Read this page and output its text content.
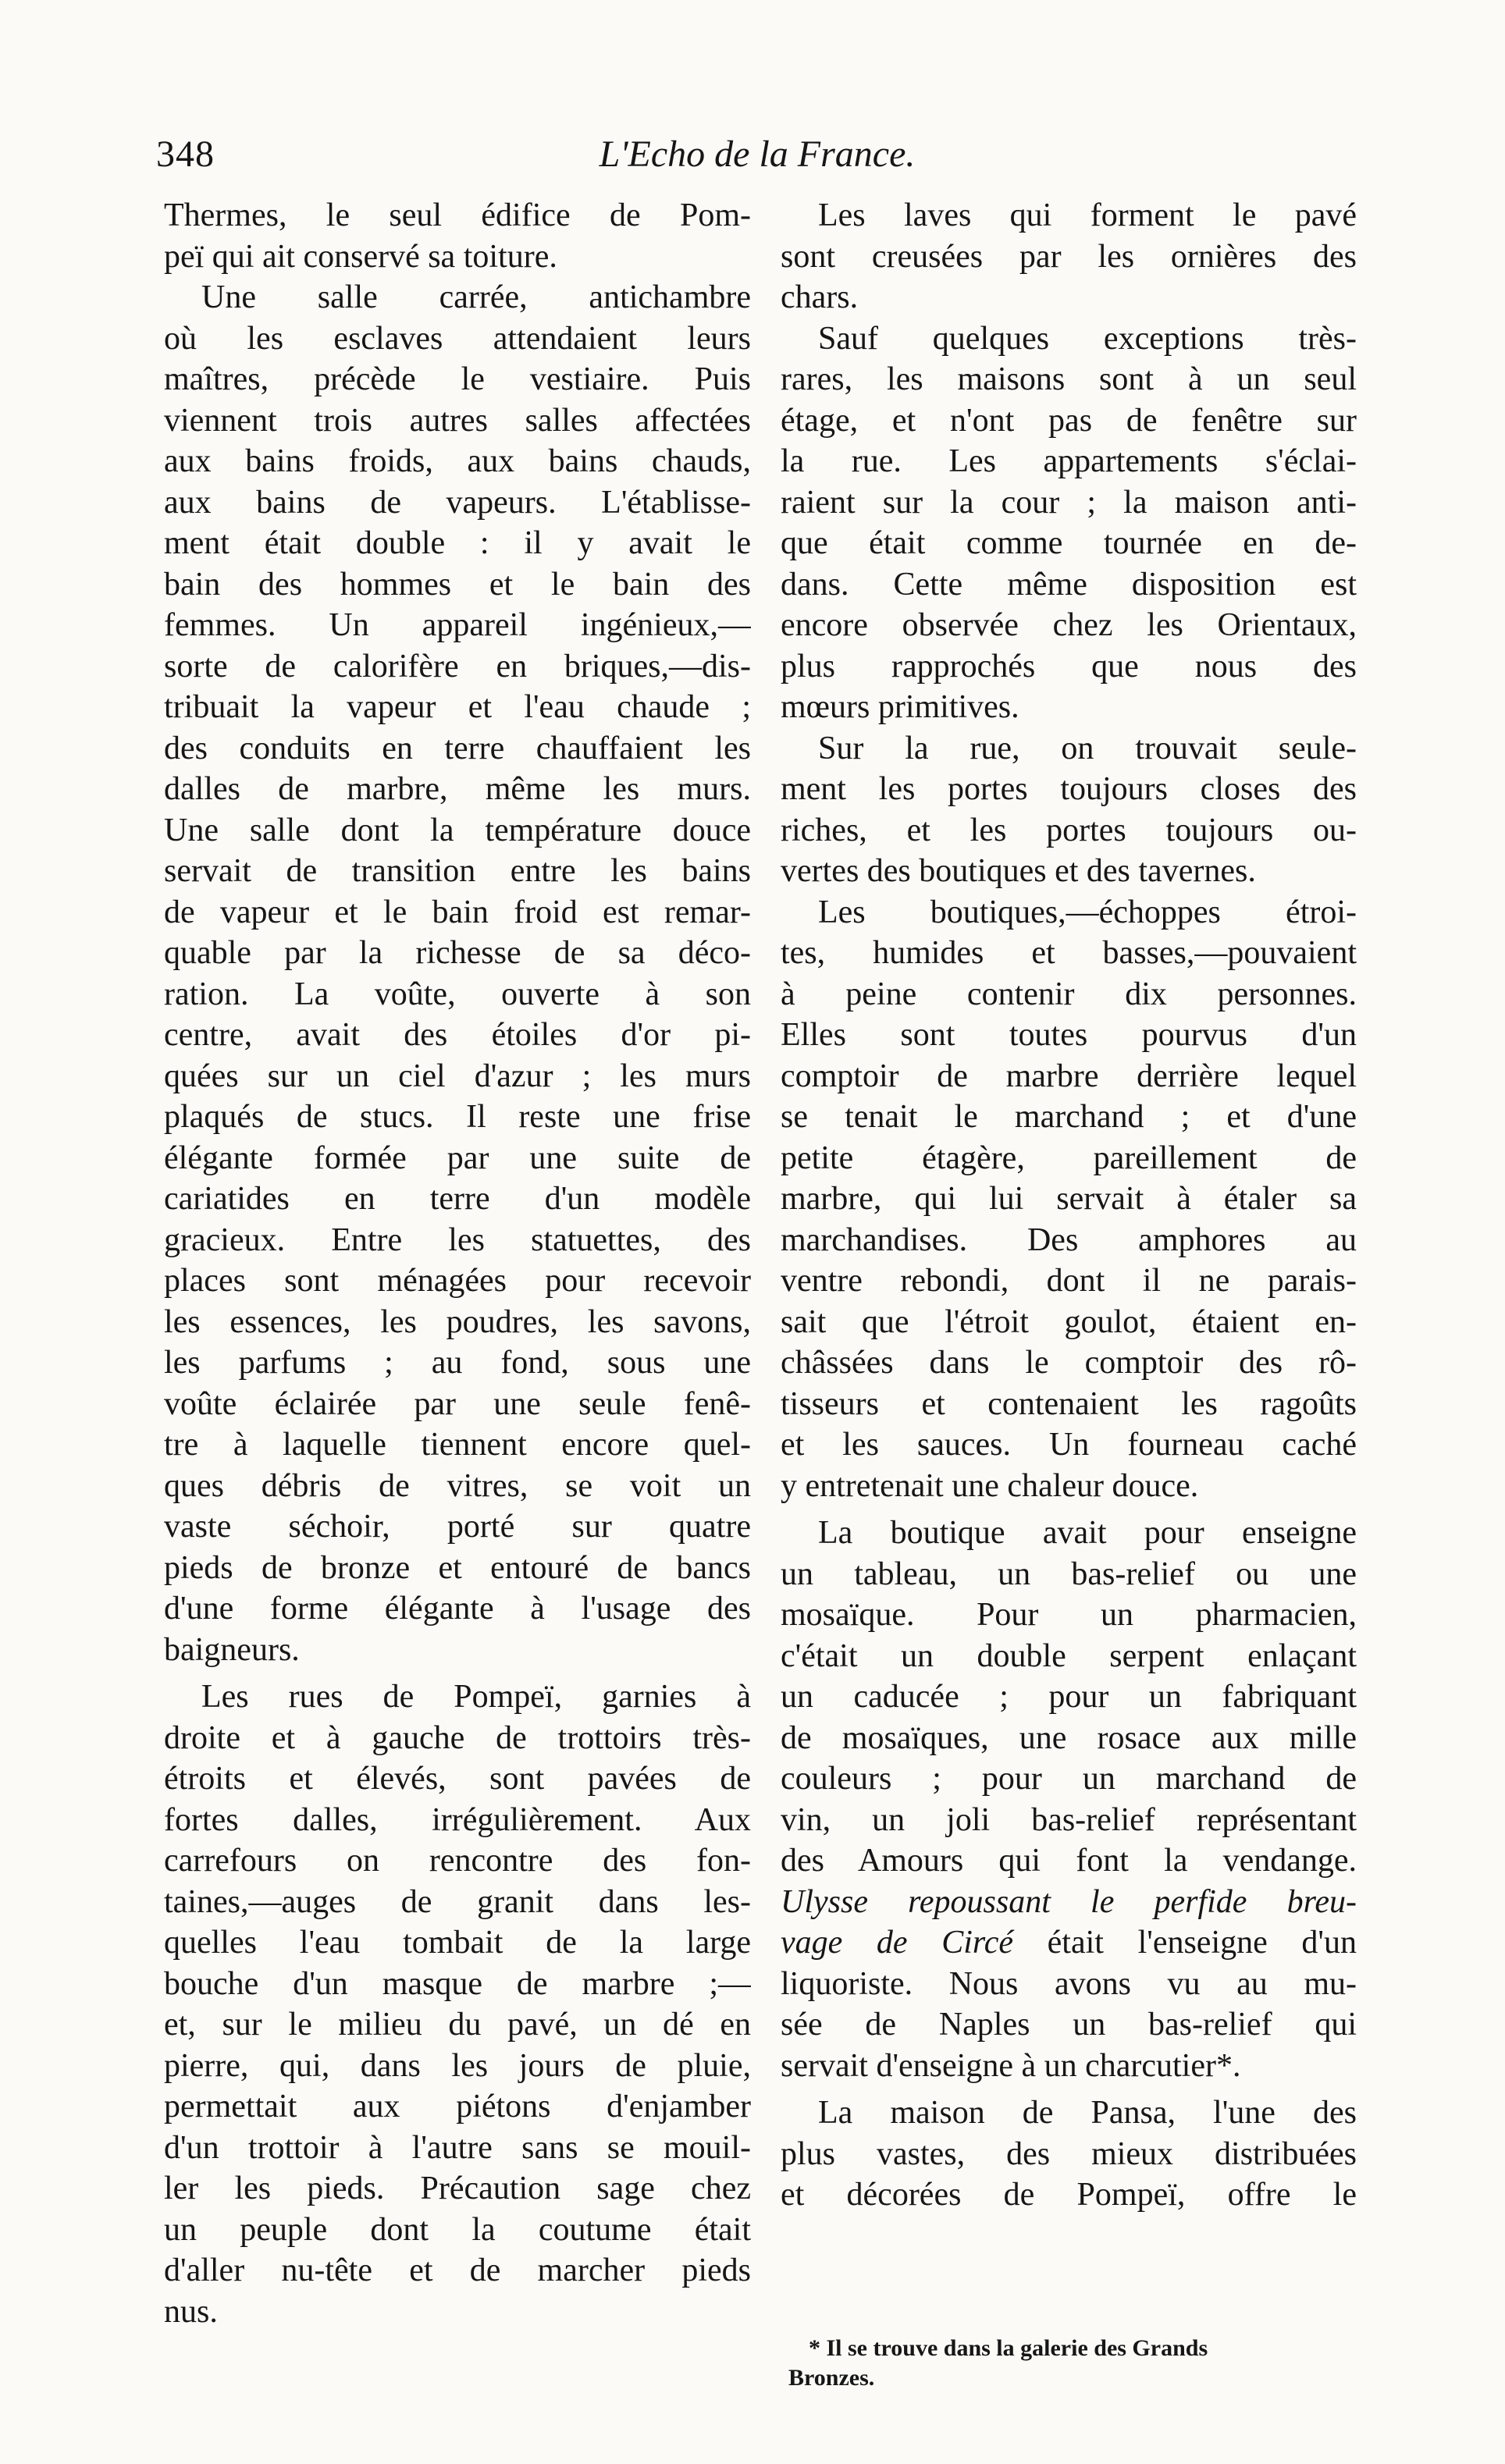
348	L'Echo de la France.
Thermes, le seul édifice de Pom-
peï qui ait conservé sa toiture.
Une salle carrée, antichambre
où les esclaves attendaient leurs
maîtres, précède le vestiaire. Puis
viennent trois autres salles affectées
aux bains froids, aux bains chauds,
aux bains de vapeurs. L'établisse-
ment était double : il y avait le
bain des hommes et le bain des
femmes. Un appareil ingénieux,—
sorte de calorifère en briques,—dis-
tribuait la vapeur et l'eau chaude ;
des conduits en terre chauffaient les
dalles de marbre, même les murs.
Une salle dont la température douce
servait de transition entre les bains
de vapeur et le bain froid est remar-
quable par la richesse de sa déco-
ration. La voûte, ouverte à son
centre, avait des étoiles d'or pi-
quées sur un ciel d'azur ; les murs
plaqués de stucs. Il reste une frise
élégante formée par une suite de
cariatides en terre d'un modèle
gracieux. Entre les statuettes, des
places sont ménagées pour recevoir
les essences, les poudres, les savons,
les parfums ; au fond, sous une
voûte éclairée par une seule fenê-
tre à laquelle tiennent encore quel-
ques débris de vitres, se voit un
vaste séchoir, porté sur quatre
pieds de bronze et entouré de bancs
d'une forme élégante à l'usage des
baigneurs.
Les rues de Pompeï, garnies à
droite et à gauche de trottoirs très-
étroits et élevés, sont pavées de
fortes dalles, irrégulièrement. Aux
carrefours on rencontre des fon-
taines,—auges de granit dans les-
quelles l'eau tombait de la large
bouche d'un masque de marbre ;—
et, sur le milieu du pavé, un dé en
pierre, qui, dans les jours de pluie,
permettait aux piétons d'enjamber
d'un trottoir à l'autre sans se mouil-
ler les pieds. Précaution sage chez
un peuple dont la coutume était
d'aller nu-tête et de marcher pieds
nus.
Les laves qui forment le pavé
sont creusées par les ornières des
chars.
Sauf quelques exceptions très-
rares, les maisons sont à un seul
étage, et n'ont pas de fenêtre sur
la rue. Les appartements s'éclai-
raient sur la cour ; la maison anti-
que était comme tournée en de-
dans. Cette même disposition est
encore observée chez les Orientaux,
plus rapprochés que nous des
mœurs primitives.
Sur la rue, on trouvait seule-
ment les portes toujours closes des
riches, et les portes toujours ou-
vertes des boutiques et des tavernes.
Les boutiques,—échoppes étroi-
tes, humides et basses,—pouvaient
à peine contenir dix personnes.
Elles sont toutes pourvus d'un
comptoir de marbre derrière lequel
se tenait le marchand ; et d'une
petite étagère, pareillement de
marbre, qui lui servait à étaler sa
marchandises. Des amphores au
ventre rebondi, dont il ne parais-
sait que l'étroit goulot, étaient en-
châssées dans le comptoir des rô-
tisseurs et contenaient les ragoûts
et les sauces. Un fourneau caché
y entretenait une chaleur douce.
La boutique avait pour enseigne
un tableau, un bas-relief ou une
mosaïque. Pour un pharmacien,
c'était un double serpent enlaçant
un caducée ; pour un fabriquant
de mosaïques, une rosace aux mille
couleurs ; pour un marchand de
vin, un joli bas-relief représentant
des Amours qui font la vendange.
Ulysse repoussant le perfide breu-
vage de Circé était l'enseigne d'un
liquoriste. Nous avons vu au mu-
sée de Naples un bas-relief qui
servait d'enseigne à un charcutier*.
La maison de Pansa, l'une des
plus vastes, des mieux distribuées
et décorées de Pompeï, offre le
* Il se trouve dans la galerie des Grands
Bronzes.
